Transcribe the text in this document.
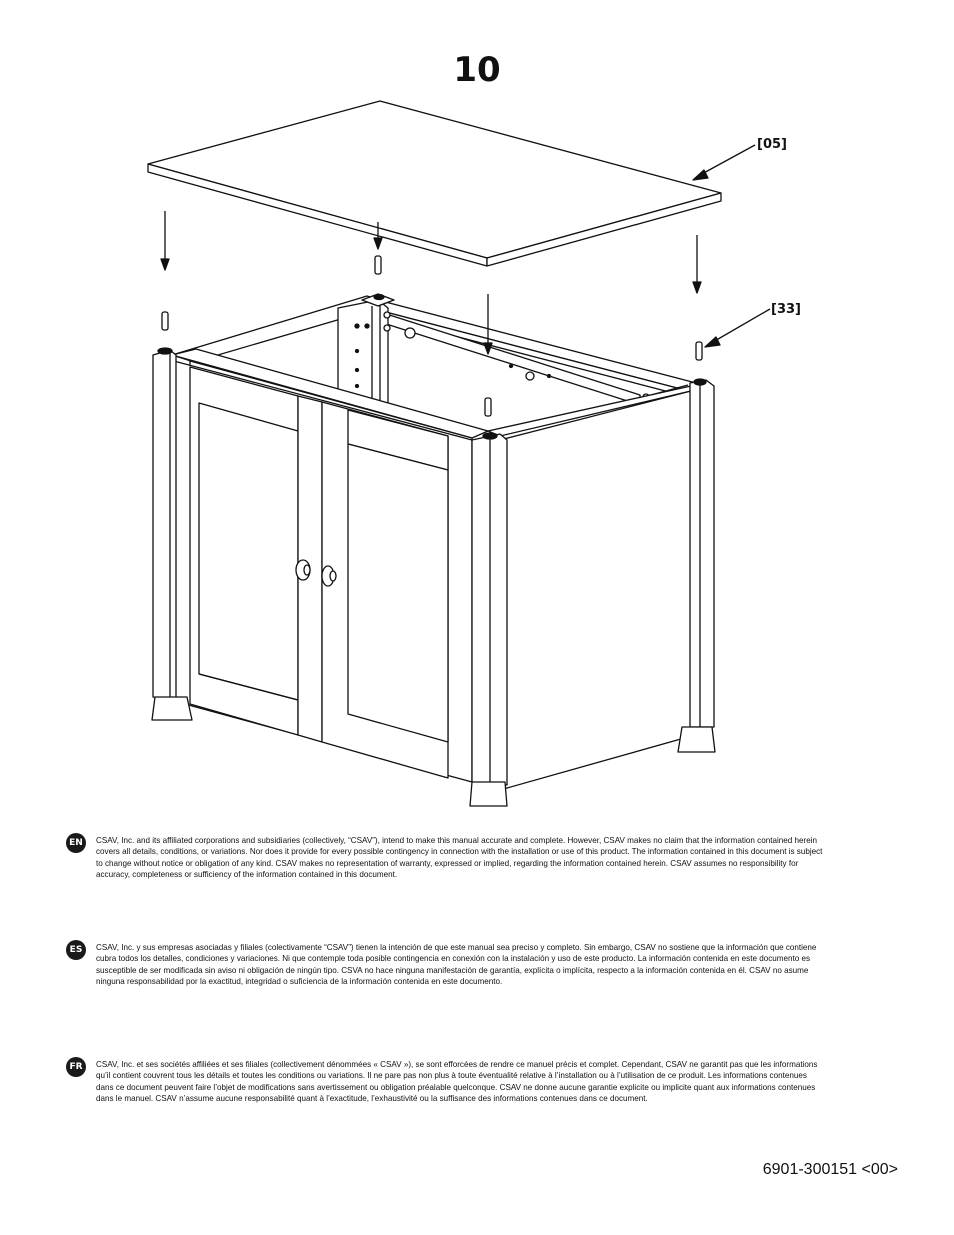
10
[05]
[33]
EN	CSAV, Inc. and its affiliated corporations and subsidiaries (collectively, “CSAV”), intend to make this manual accurate and complete. However, CSAV makes no claim that the information contained herein covers all details, conditions, or variations. Nor does it provide for every possible contingency in connection with the installation or use of this product. The information contained in this document is subject to change without notice or obligation of any kind. CSAV makes no representation of warranty, expressed or implied, regarding the information contained herein. CSAV assumes no responsibility for accuracy, completeness or sufficiency of the information contained in this document.

ES	CSAV, Inc. y sus empresas asociadas y filiales (colectivamente “CSAV”) tienen la intención de que este manual sea preciso y completo. Sin embargo, CSAV no sostiene que la información que contiene cubra todos los detalles, condiciones y variaciones. Ni que contemple toda posible contingencia en conexión con la instalación y uso de este producto. La información contenida en este documento es susceptible de ser modificada sin aviso ni obligación de ningún tipo. CSVA no hace ninguna manifestación de garantía, explícita o implícita, respecto a la información contenida en él. CSAV no asume ninguna responsabilidad por la exactitud, integridad o suficiencia de la información contenida en este documento.

FR	CSAV, Inc. et ses sociétés affiliées et ses filiales (collectivement dénommées « CSAV »), se sont efforcées de rendre ce manuel précis et complet. Cependant, CSAV ne garantit pas que les informations qu’il contient couvrent tous les détails et toutes les conditions ou variations. Il ne pare pas non plus à toute éventualité relative à l’installation ou à l’utilisation de ce produit. Les informations contenues dans ce document peuvent faire l’objet de modifications sans avertissement ou obligation préalable quelconque. CSAV ne donne aucune garantie explicite ou implicite quant aux informations contenues dans le manuel. CSAV n’assume aucune responsabilité quant à l’exactitude, l’exhaustivité ou la suffisance des informations contenues dans ce document.

6901-300151 <00>
